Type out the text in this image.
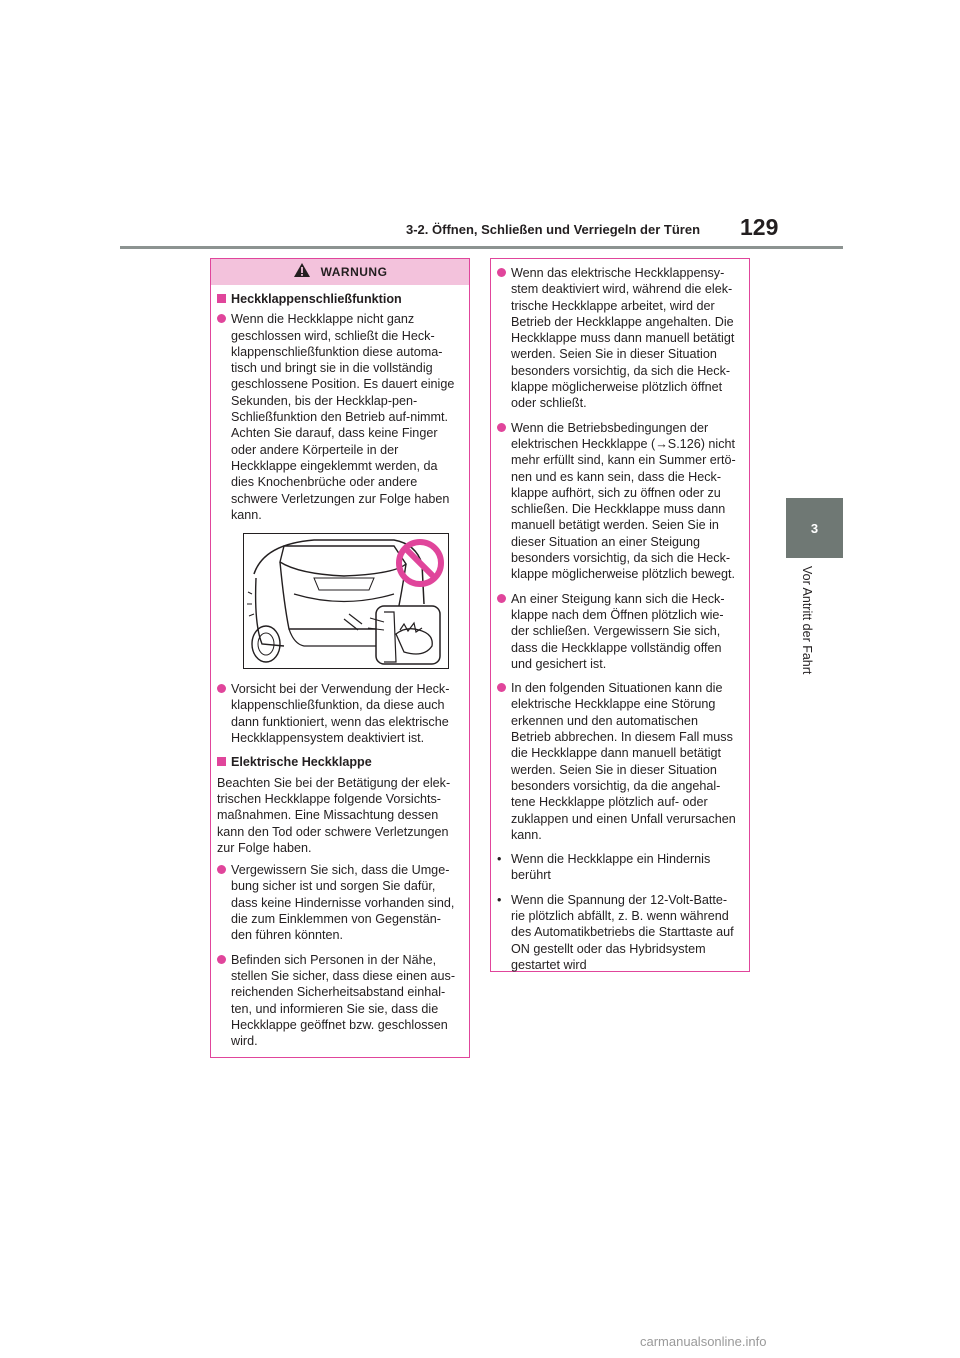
3-2. Öffnen, Schließen und Verriegeln der Türen 129
3
Vor Antritt der Fahrt
WARNUNG
Heckklappenschließfunktion
Wenn die Heckklappe nicht ganz geschlossen wird, schließt die Heck-klappenschließfunktion diese automa-tisch und bringt sie in die vollständig geschlossene Position. Es dauert einige Sekunden, bis der Heckklap-pen-Schließfunktion den Betrieb auf-nimmt. Achten Sie darauf, dass keine Finger oder andere Körperteile in der Heckklappe eingeklemmt werden, da dies Knochenbrüche oder andere schwere Verletzungen zur Folge haben kann.
Vorsicht bei der Verwendung der Heck-klappenschließfunktion, da diese auch dann funktioniert, wenn das elektrische Heckklappensystem deaktiviert ist.
Elektrische Heckklappe
Beachten Sie bei der Betätigung der elek-trischen Heckklappe folgende Vorsichts-maßnahmen. Eine Missachtung dessen kann den Tod oder schwere Verletzungen zur Folge haben.
Vergewissern Sie sich, dass die Umge-bung sicher ist und sorgen Sie dafür, dass keine Hindernisse vorhanden sind, die zum Einklemmen von Gegenstän-den führen könnten.
Befinden sich Personen in der Nähe, stellen Sie sicher, dass diese einen aus-reichenden Sicherheitsabstand einhal-ten, und informieren Sie sie, dass die Heckklappe geöffnet bzw. geschlossen wird.
Wenn das elektrische Heckklappensy-stem deaktiviert wird, während die elek-trische Heckklappe arbeitet, wird der Betrieb der Heckklappe angehalten. Die Heckklappe muss dann manuell betätigt werden. Seien Sie in dieser Situation besonders vorsichtig, da sich die Heck-klappe möglicherweise plötzlich öffnet oder schließt.
Wenn die Betriebsbedingungen der elektrischen Heckklappe (→S.126) nicht mehr erfüllt sind, kann ein Summer ertö-nen und es kann sein, dass die Heck-klappe aufhört, sich zu öffnen oder zu schließen. Die Heckklappe muss dann manuell betätigt werden. Seien Sie in dieser Situation an einer Steigung besonders vorsichtig, da sich die Heck-klappe möglicherweise plötzlich bewegt.
An einer Steigung kann sich die Heck-klappe nach dem Öffnen plötzlich wie-der schließen. Vergewissern Sie sich, dass die Heckklappe vollständig offen und gesichert ist.
In den folgenden Situationen kann die elektrische Heckklappe eine Störung erkennen und den automatischen Betrieb abbrechen. In diesem Fall muss die Heckklappe dann manuell betätigt werden. Seien Sie in dieser Situation besonders vorsichtig, da die angehal-tene Heckklappe plötzlich auf- oder zuklappen und einen Unfall verursachen kann.
• Wenn die Heckklappe ein Hindernis berührt
• Wenn die Spannung der 12-Volt-Batte-rie plötzlich abfällt, z. B. wenn während des Automatikbetriebs die Starttaste auf ON gestellt oder das Hybridsystem gestartet wird
carmanualsonline.info
